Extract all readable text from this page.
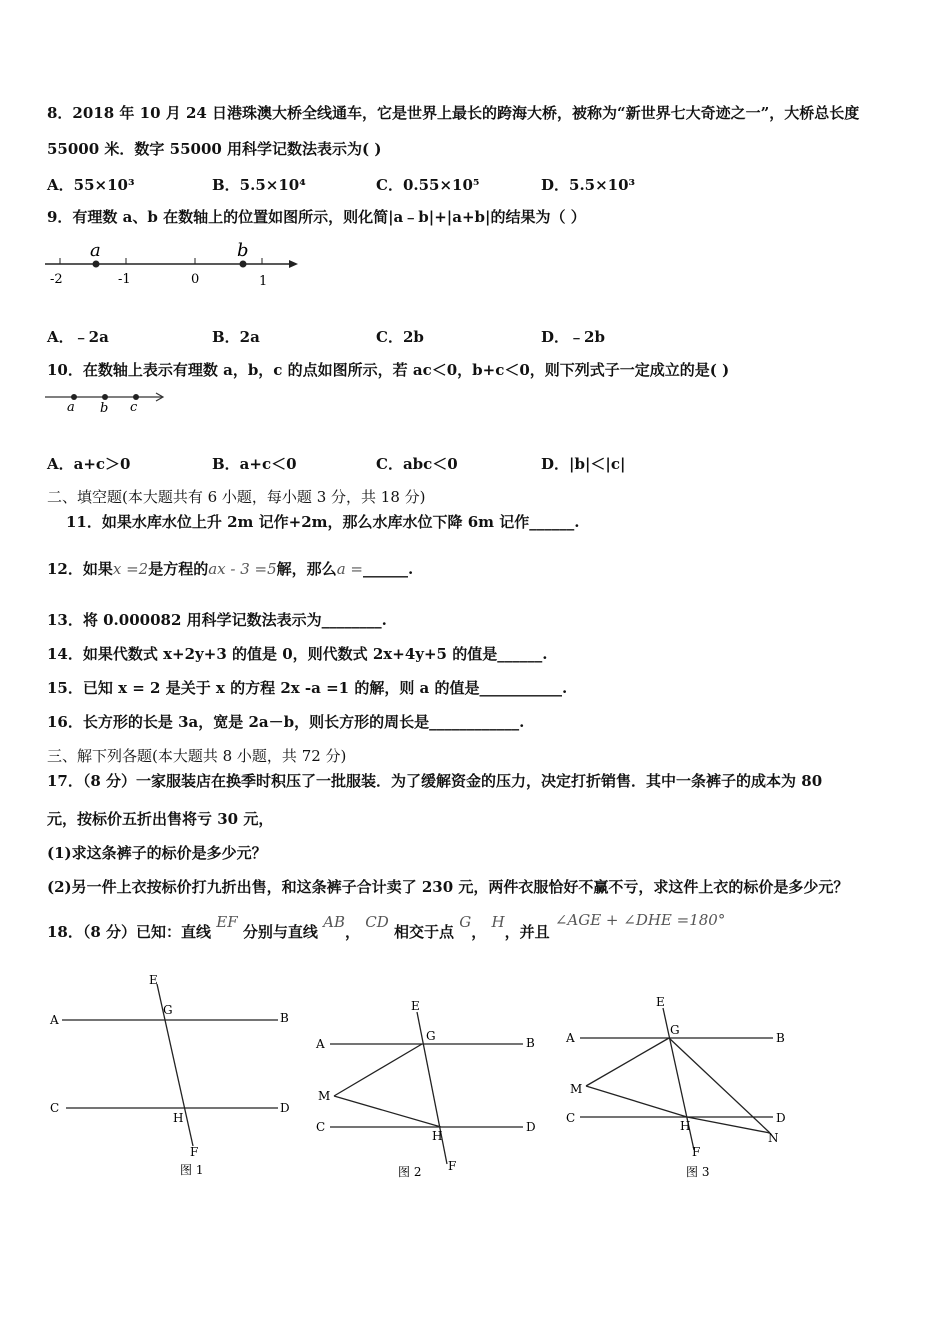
8．2018 年 10 月 24 日港珠澳大桥全线通车，它是世界上最长的跨海大桥，被称为“新世界七大奇迹之一”，大桥总长度
55000 米．数字 55000 用科学记数法表示为( )
A．55×10³	B．5.5×10⁴	C．0.55×10⁵	D．5.5×10³
9．有理数 a、b 在数轴上的位置如图所示，则化简|a﹣b|+|a+b|的结果为（ ）
a	b
-2	-1	0	1
A．﹣2a	B．2a	C．2b	D．﹣2b
10．在数轴上表示有理数 a，b，c 的点如图所示，若 ac＜0，b+c＜0，则下列式子一定成立的是( )
a b c
A．a+c＞0	B．a+c＜0	C．abc＜0	D．|b|＜|c|
二、填空题(本大题共有 6 小题，每小题 3 分，共 18 分)
11．如果水库水位上升 2m 记作+2m，那么水库水位下降 6m 记作______.
12．如果x =2是方程的ax - 3 =5解，那么a =______.
13．将 0.000082 用科学记数法表示为________.
14．如果代数式 x+2y+3 的值是 0，则代数式 2x+4y+5 的值是______.
15．已知 x = 2 是关于 x 的方程 2x -a =1 的解，则 a 的值是___________.
16．长方形的长是 3a，宽是 2a－b，则长方形的周长是____________.
三、解下列各题(本大题共 8 小题，共 72 分)
17．（8 分）一家服装店在换季时积压了一批服装．为了缓解资金的压力，决定打折销售．其中一条裤子的成本为 80
元，按标价五折出售将亏 30 元，
(1)求这条裤子的标价是多少元？
(2)另一件上衣按标价打九折出售，和这条裤子合计卖了 230 元，两件衣服恰好不赢不亏，求这件上衣的标价是多少元？
18．（8 分）已知：直线 EF 分别与直线 AB， CD 相交于点 G， H，并且 ∠AGE + ∠DHE =180°
E
A
G
B
C
H
D
F
图 1
E
A
G	B
M
C
H
D
F
图 2
E
A
G
B
M
C
H
D
N
F
图 3
